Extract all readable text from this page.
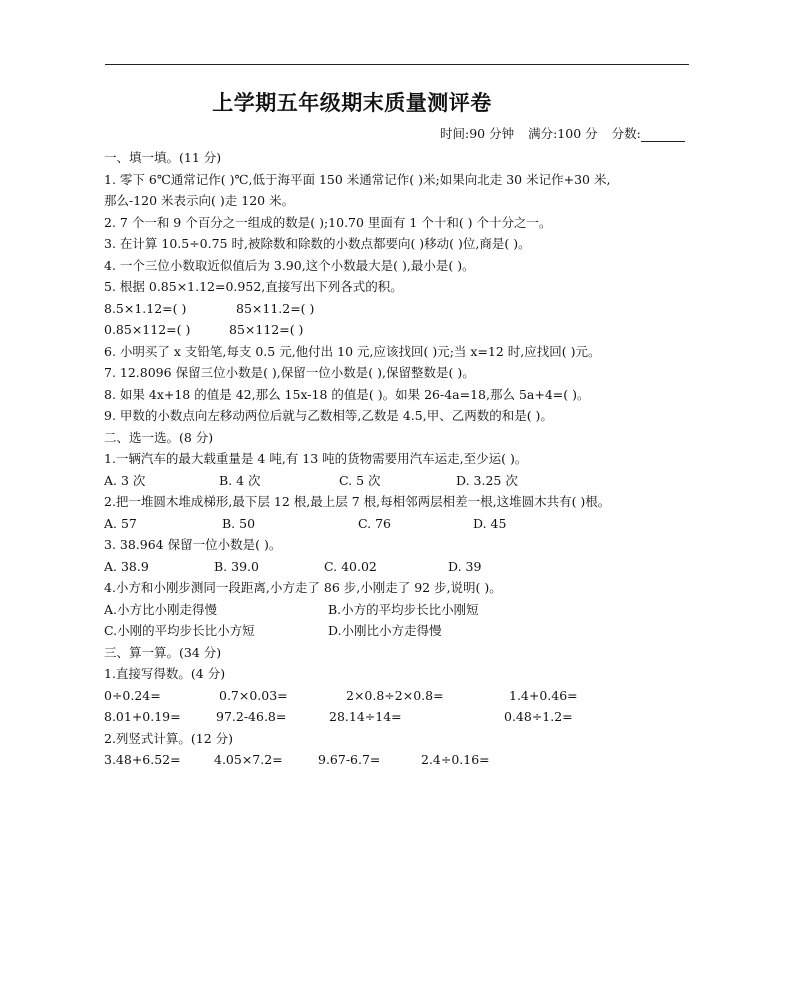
上学期五年级期末质量测评卷
时间:90 分钟 满分:100 分 分数:
一、填一填。(11 分)
1. 零下 6℃通常记作( )℃,低于海平面 150 米通常记作( )米;如果向北走 30 米记作+30 米,
那么-120 米表示向( )走 120 米。
2. 7 个一和 9 个百分之一组成的数是( );10.70 里面有 1 个十和( ) 个十分之一。
3. 在计算 10.5÷0.75 时,被除数和除数的小数点都要向( )移动( )位,商是( )。
4. 一个三位小数取近似值后为 3.90,这个小数最大是( ),最小是( )。
5. 根据 0.85×1.12=0.952,直接写出下列各式的积。
8.5×1.12=( )	85×11.2=( )
0.85×112=( )	85×112=( )
6. 小明买了 x 支铅笔,每支 0.5 元,他付出 10 元,应该找回( )元;当 x=12 时,应找回( )元。
7. 12.8096 保留三位小数是( ),保留一位小数是( ),保留整数是( )。
8. 如果 4x+18 的值是 42,那么 15x-18 的值是( )。如果 26-4a=18,那么 5a+4=( )。
9. 甲数的小数点向左移动两位后就与乙数相等,乙数是 4.5,甲、乙两数的和是( )。
二、选一选。(8 分)
1.一辆汽车的最大载重量是 4 吨,有 13 吨的货物需要用汽车运走,至少运( )。
A. 3 次	B. 4 次	C. 5 次	D. 3.25 次
2.把一堆圆木堆成梯形,最下层 12 根,最上层 7 根,每相邻两层相差一根,这堆圆木共有( )根。
A. 57	B. 50	C. 76	D. 45
3. 38.964 保留一位小数是( )。
A. 38.9	B. 39.0	C. 40.02	D. 39
4.小方和小刚步测同一段距离,小方走了 86 步,小刚走了 92 步,说明( )。
A.小方比小刚走得慢	B.小方的平均步长比小刚短
C.小刚的平均步长比小方短	D.小刚比小方走得慢
三、算一算。(34 分)
1.直接写得数。(4 分)
0÷0.24=	0.7×0.03=	2×0.8÷2×0.8=	1.4+0.46=
8.01+0.19=	97.2-46.8=	28.14÷14=	0.48÷1.2=
2.列竖式计算。(12 分)
3.48+6.52=	4.05×7.2=	9.67-6.7=	2.4÷0.16=
